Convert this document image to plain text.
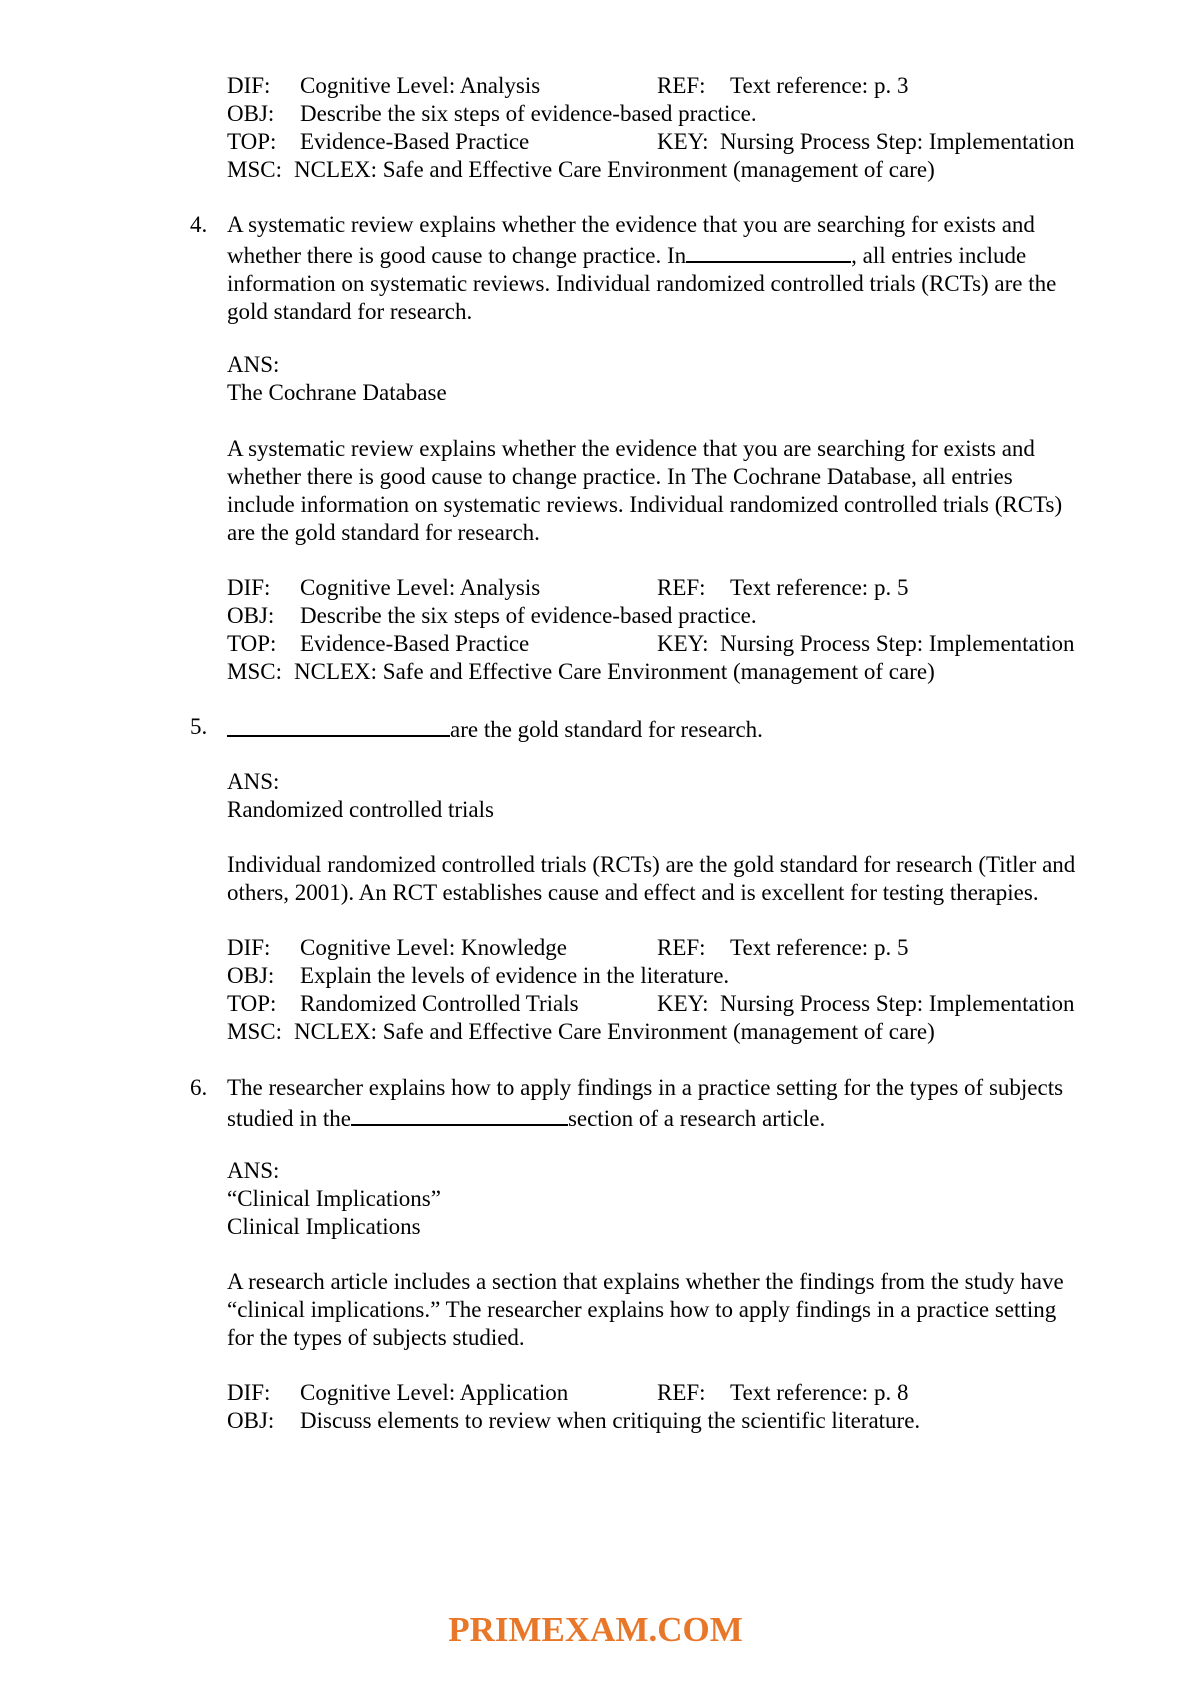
DIF: Cognitive Level: Analysis	REF: Text reference: p. 3
OBJ: Describe the six steps of evidence-based practice.
TOP: Evidence-Based Practice	KEY: Nursing Process Step: Implementation
MSC: NCLEX: Safe and Effective Care Environment (management of care)
4. A systematic review explains whether the evidence that you are searching for exists and
whether there is good cause to change practice. In	, all entries include
information on systematic reviews. Individual randomized controlled trials (RCTs) are the
gold standard for research.
ANS:
The Cochrane Database
A systematic review explains whether the evidence that you are searching for exists and
whether there is good cause to change practice. In The Cochrane Database, all entries
include information on systematic reviews. Individual randomized controlled trials (RCTs)
are the gold standard for research.
DIF: Cognitive Level: Analysis	REF: Text reference: p. 5
OBJ: Describe the six steps of evidence-based practice.
TOP: Evidence-Based Practice	KEY: Nursing Process Step: Implementation
MSC: NCLEX: Safe and Effective Care Environment (management of care)
5.	are the gold standard for research.
ANS:
Randomized controlled trials
Individual randomized controlled trials (RCTs) are the gold standard for research (Titler and
others, 2001). An RCT establishes cause and effect and is excellent for testing therapies.
DIF: Cognitive Level: Knowledge	REF: Text reference: p. 5
OBJ: Explain the levels of evidence in the literature.
TOP: Randomized Controlled Trials	KEY: Nursing Process Step: Implementation
MSC: NCLEX: Safe and Effective Care Environment (management of care)
6. The researcher explains how to apply findings in a practice setting for the types of subjects
studied in the	section of a research article.
ANS:
“Clinical Implications”
Clinical Implications
A research article includes a section that explains whether the findings from the study have
“clinical implications.” The researcher explains how to apply findings in a practice setting
for the types of subjects studied.
DIF: Cognitive Level: Application	REF: Text reference: p. 8
OBJ: Discuss elements to review when critiquing the scientific literature.
PRIMEXAM.COM
